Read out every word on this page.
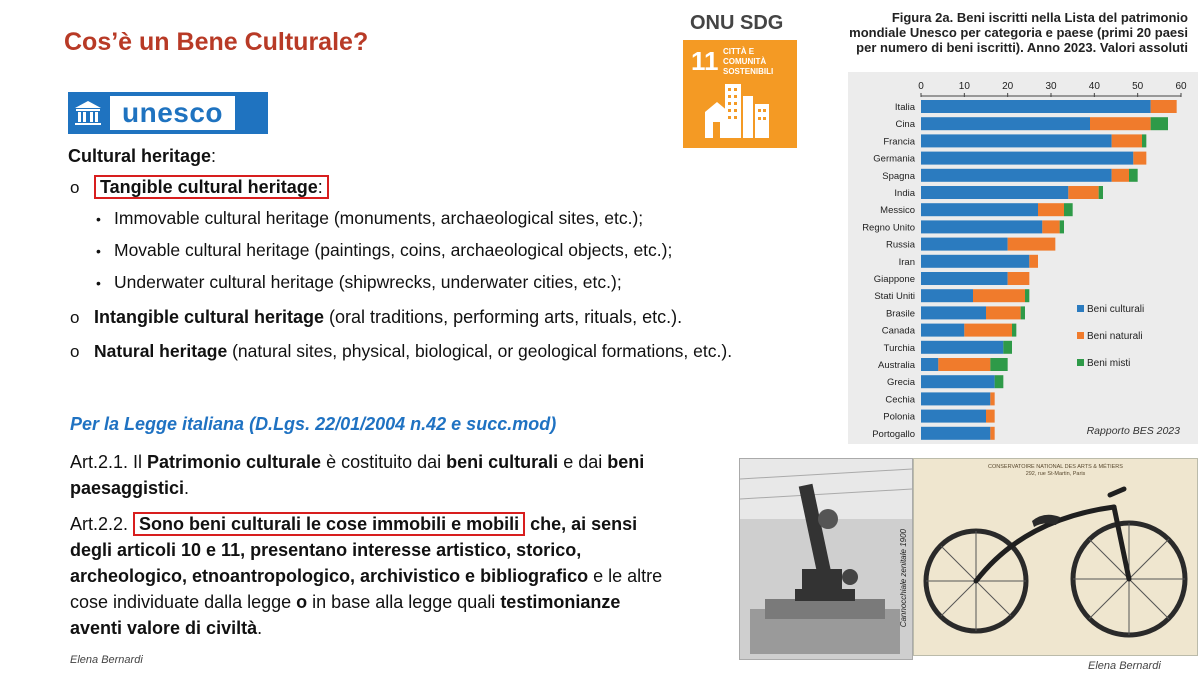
Cos’è un Bene Culturale?
unesco
Cultural heritage:
o Tangible cultural heritage:
• Immovable cultural heritage (monuments, archaeological sites, etc.);
• Movable cultural heritage (paintings, coins, archaeological objects, etc.);
• Underwater cultural heritage (shipwrecks, underwater cities, etc.);
o Intangible cultural heritage (oral traditions, performing arts, rituals, etc.).
o Natural heritage (natural sites, physical, biological, or geological formations, etc.).
Per la Legge italiana (D.Lgs. 22/01/2004 n.42 e succ.mod)
Art.2.1. Il Patrimonio culturale è costituito dai beni culturali e dai beni paesaggistici.
Art.2.2. Sono beni culturali le cose immobili e mobili che, ai sensi degli articoli 10 e 11, presentano interesse artistico, storico, archeologico, etnoantropologico, archivistico e bibliografico e le altre cose individuate dalla legge o in base alla legge quali testimonianze aventi valore di civiltà.
Elena Bernardi
ONU SDG
11 CITTÀ E COMUNITÀ
SOSTENIBILI
Figura 2a. Beni iscritti nella Lista del patrimonio mondiale Unesco per categoria e paese (primi 20 paesi per numero di beni iscritti). Anno 2023. Valori assoluti
0	10	20	30	40	50	60
Italia
Cina
Francia
Germania
Spagna
India
Messico
Regno Unito
Russia
Iran
Giappone
Stati Uniti
Brasile
Canada
Turchia
Australia
Grecia
Cechia
Polonia
Portogallo
Beni culturali
Beni naturali
Beni misti
Rapporto BES 2023
Cannocchiale zenitale 1900
CONSERVATOIRE NATIONAL DES ARTS & MÉTIERS
292, rue St-Martin, Paris
Elena Bernardi
